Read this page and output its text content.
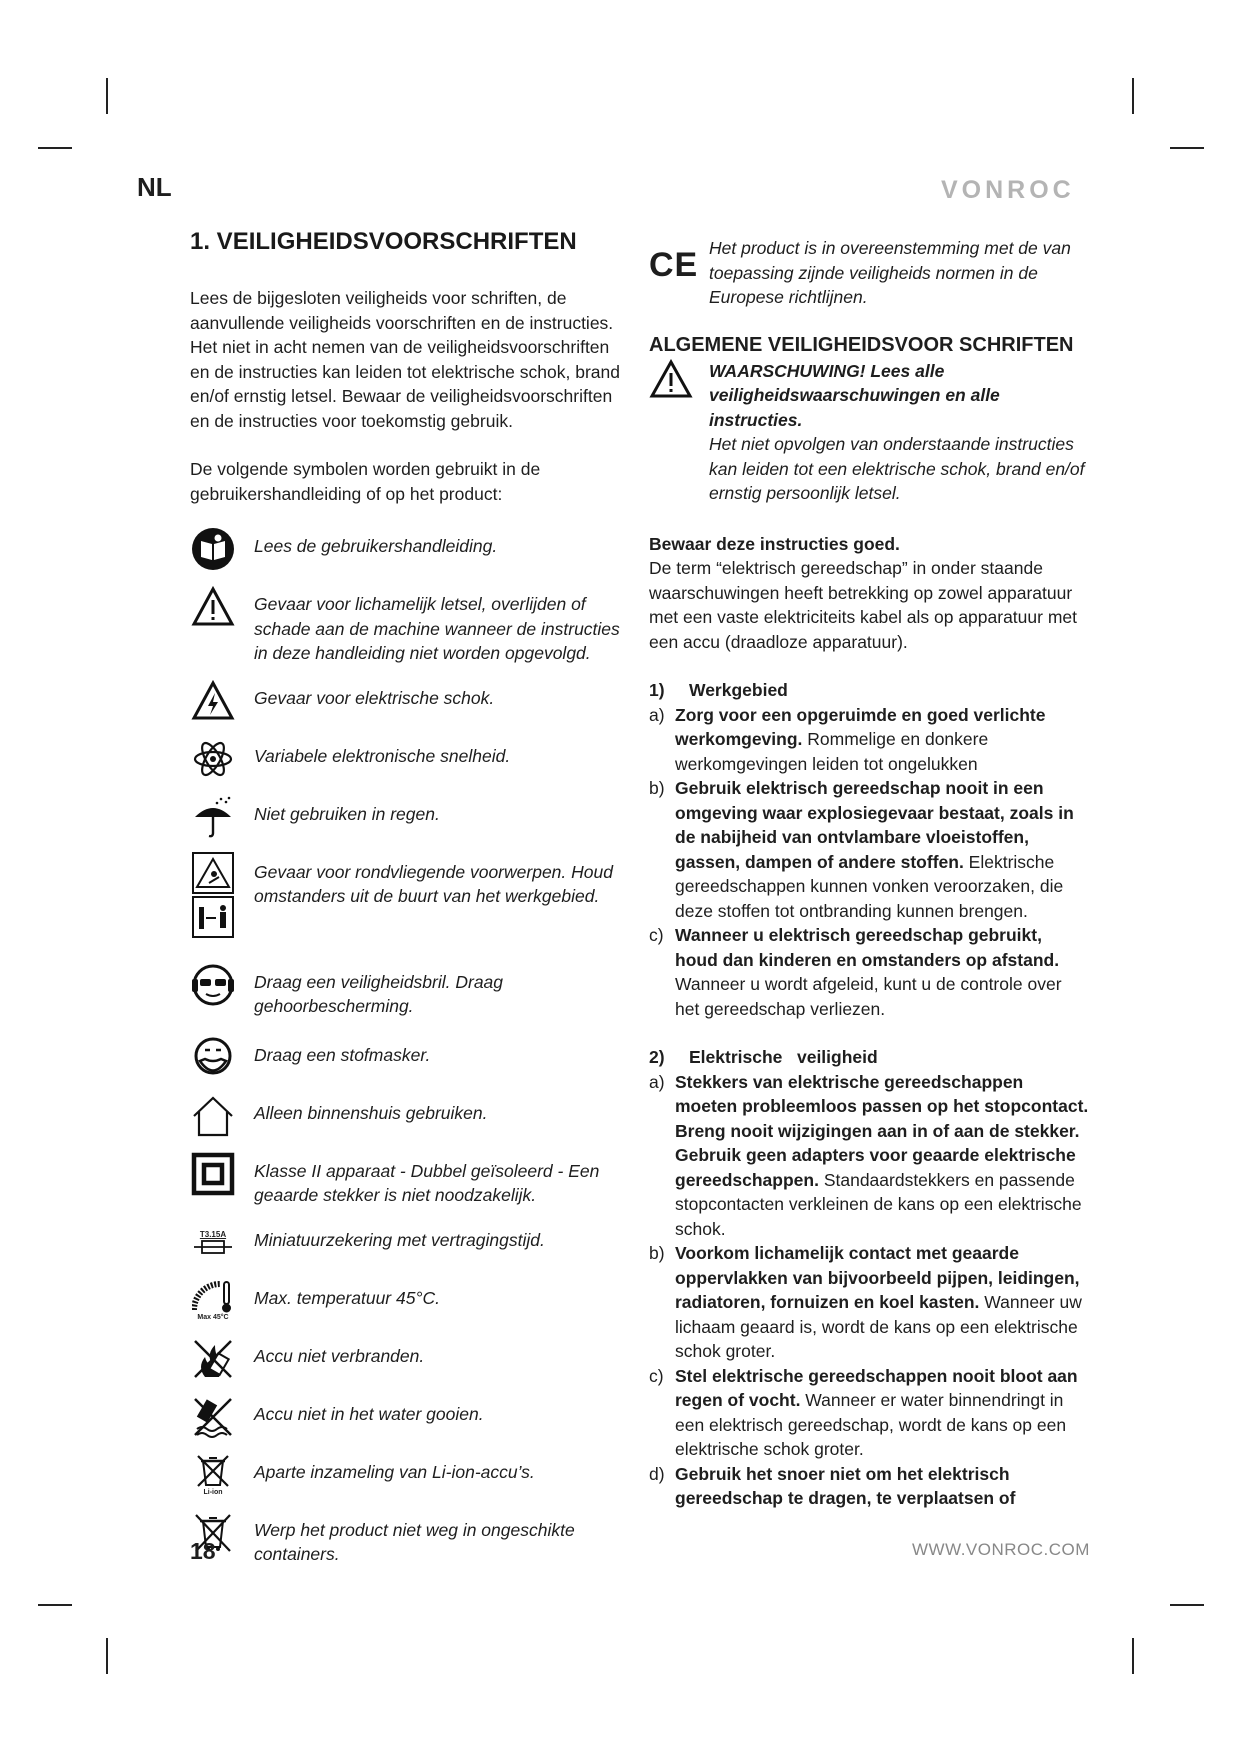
NL	VONROC
1. VEILIGHEIDSVOORSCHRIFTEN

Lees de bijgesloten veiligheids voor schriften, de aanvullende veiligheids voorschriften en de instructies. Het niet in acht nemen van de veiligheidsvoorschriften en de instructies kan leiden tot elektrische schok, brand en/of ernstig letsel. Bewaar de veiligheidsvoorschriften en de instructies voor toekomstig gebruik.

De volgende symbolen worden gebruikt in de gebruikershandleiding of op het product:

Lees de gebruikershandleiding.
Gevaar voor lichamelijk letsel, overlijden of schade aan de machine wanneer de instructies in deze handleiding niet worden opgevolgd.
Gevaar voor elektrische schok.
Variabele elektronische snelheid.
Niet gebruiken in regen.
Gevaar voor rondvliegende voorwerpen. Houd omstanders uit de buurt van het werkgebied.
Draag een veiligheidsbril. Draag gehoorbescherming.
Draag een stofmasker.
Alleen binnenshuis gebruiken.
Klasse II apparaat - Dubbel geïsoleerd - Een geaarde stekker is niet noodzakelijk.
T3.15A Miniatuurzekering met vertragingstijd.
Max 45°C
Max. temperatuur 45°C.
Accu niet verbranden.
Accu niet in het water gooien.
Li-ion
Aparte inzameling van Li-ion-accu’s.
Werp het product niet weg in ongeschikte containers.
CE Het product is in overeenstemming met de van toepassing zijnde veiligheids normen in de Europese richtlijnen.
ALGEMENE VEILIGHEIDSVOOR SCHRIFTEN
WAARSCHUWING! Lees alle veiligheidswaarschuwingen en alle instructies.
Het niet opvolgen van onderstaande instructies kan leiden tot een elektrische schok, brand en/of ernstig persoonlijk letsel.
Bewaar deze instructies goed.
De term “elektrisch gereedschap” in onder staande waarschuwingen heeft betrekking op zowel apparatuur met een vaste elektriciteits kabel als op apparatuur met een accu (draadloze apparatuur).
1)	Werkgebied
a) Zorg voor een opgeruimde en goed verlichte werkomgeving. Rommelige en donkere werkomgevingen leiden tot ongelukken
b) Gebruik elektrisch gereedschap nooit in een omgeving waar explosiegevaar bestaat, zoals in de nabijheid van ontvlambare vloeistoffen, gassen, dampen of andere stoffen. Elektrische gereedschappen kunnen vonken veroorzaken, die deze stoffen tot ontbranding kunnen brengen.
c) Wanneer u elektrisch gereedschap gebruikt, houd dan kinderen en omstanders op afstand. Wanneer u wordt afgeleid, kunt u de controle over het gereedschap verliezen.
2)	Elektrische   veiligheid
a) Stekkers van elektrische gereedschappen moeten probleemloos passen op het stopcontact. Breng nooit wijzigingen aan in of aan de stekker. Gebruik geen adapters voor geaarde elektrische gereedschappen. Standaardstekkers en passende stopcontacten verkleinen de kans op een elektrische schok.
b) Voorkom lichamelijk contact met geaarde oppervlakken van bijvoorbeeld pijpen, leidingen, radiatoren, fornuizen en koel kasten. Wanneer uw lichaam geaard is, wordt de kans op een elektrische schok groter.
c) Stel elektrische gereedschappen nooit bloot aan regen of vocht. Wanneer er water binnendringt in een elektrisch gereedschap, wordt de kans op een elektrische schok groter.
d) Gebruik het snoer niet om het elektrisch gereedschap te dragen, te verplaatsen of
18	WWW.VONROC.COM
